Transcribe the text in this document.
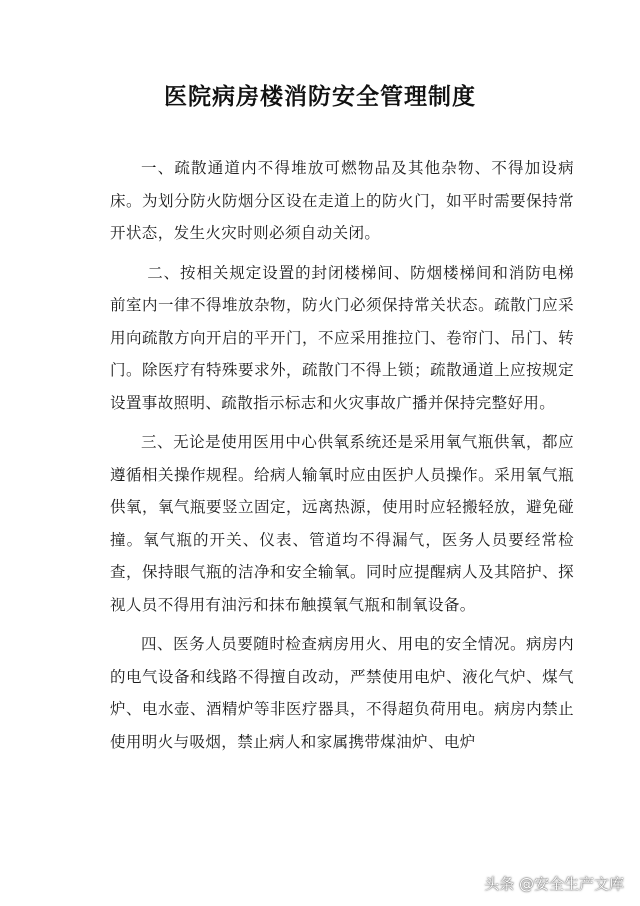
医院病房楼消防安全管理制度

一、疏散通道内不得堆放可燃物品及其他杂物、不得加设病床。为划分防火防烟分区设在走道上的防火门，如平时需要保持常开状态，发生火灾时则必须自动关闭。

二、按相关规定设置的封闭楼梯间、防烟楼梯间和消防电梯前室内一律不得堆放杂物，防火门必须保持常关状态。疏散门应采用向疏散方向开启的平开门，不应采用推拉门、卷帘门、吊门、转门。除医疗有特殊要求外，疏散门不得上锁；疏散通道上应按规定设置事故照明、疏散指示标志和火灾事故广播并保持完整好用。

三、无论是使用医用中心供氧系统还是采用氧气瓶供氧，都应遵循相关操作规程。给病人输氧时应由医护人员操作。采用氧气瓶供氧，氧气瓶要竖立固定，远离热源，使用时应轻搬轻放，避免碰撞。氧气瓶的开关、仪表、管道均不得漏气，医务人员要经常检查，保持眼气瓶的洁净和安全输氧。同时应提醒病人及其陪护、探视人员不得用有油污和抹布触摸氧气瓶和制氧设备。

四、医务人员要随时检查病房用火、用电的安全情况。病房内的电气设备和线路不得擅自改动，严禁使用电炉、液化气炉、煤气炉、电水壶、酒精炉等非医疗器具，不得超负荷用电。病房内禁止使用明火与吸烟，禁止病人和家属携带煤油炉、电炉

头条 @安全生产文库
